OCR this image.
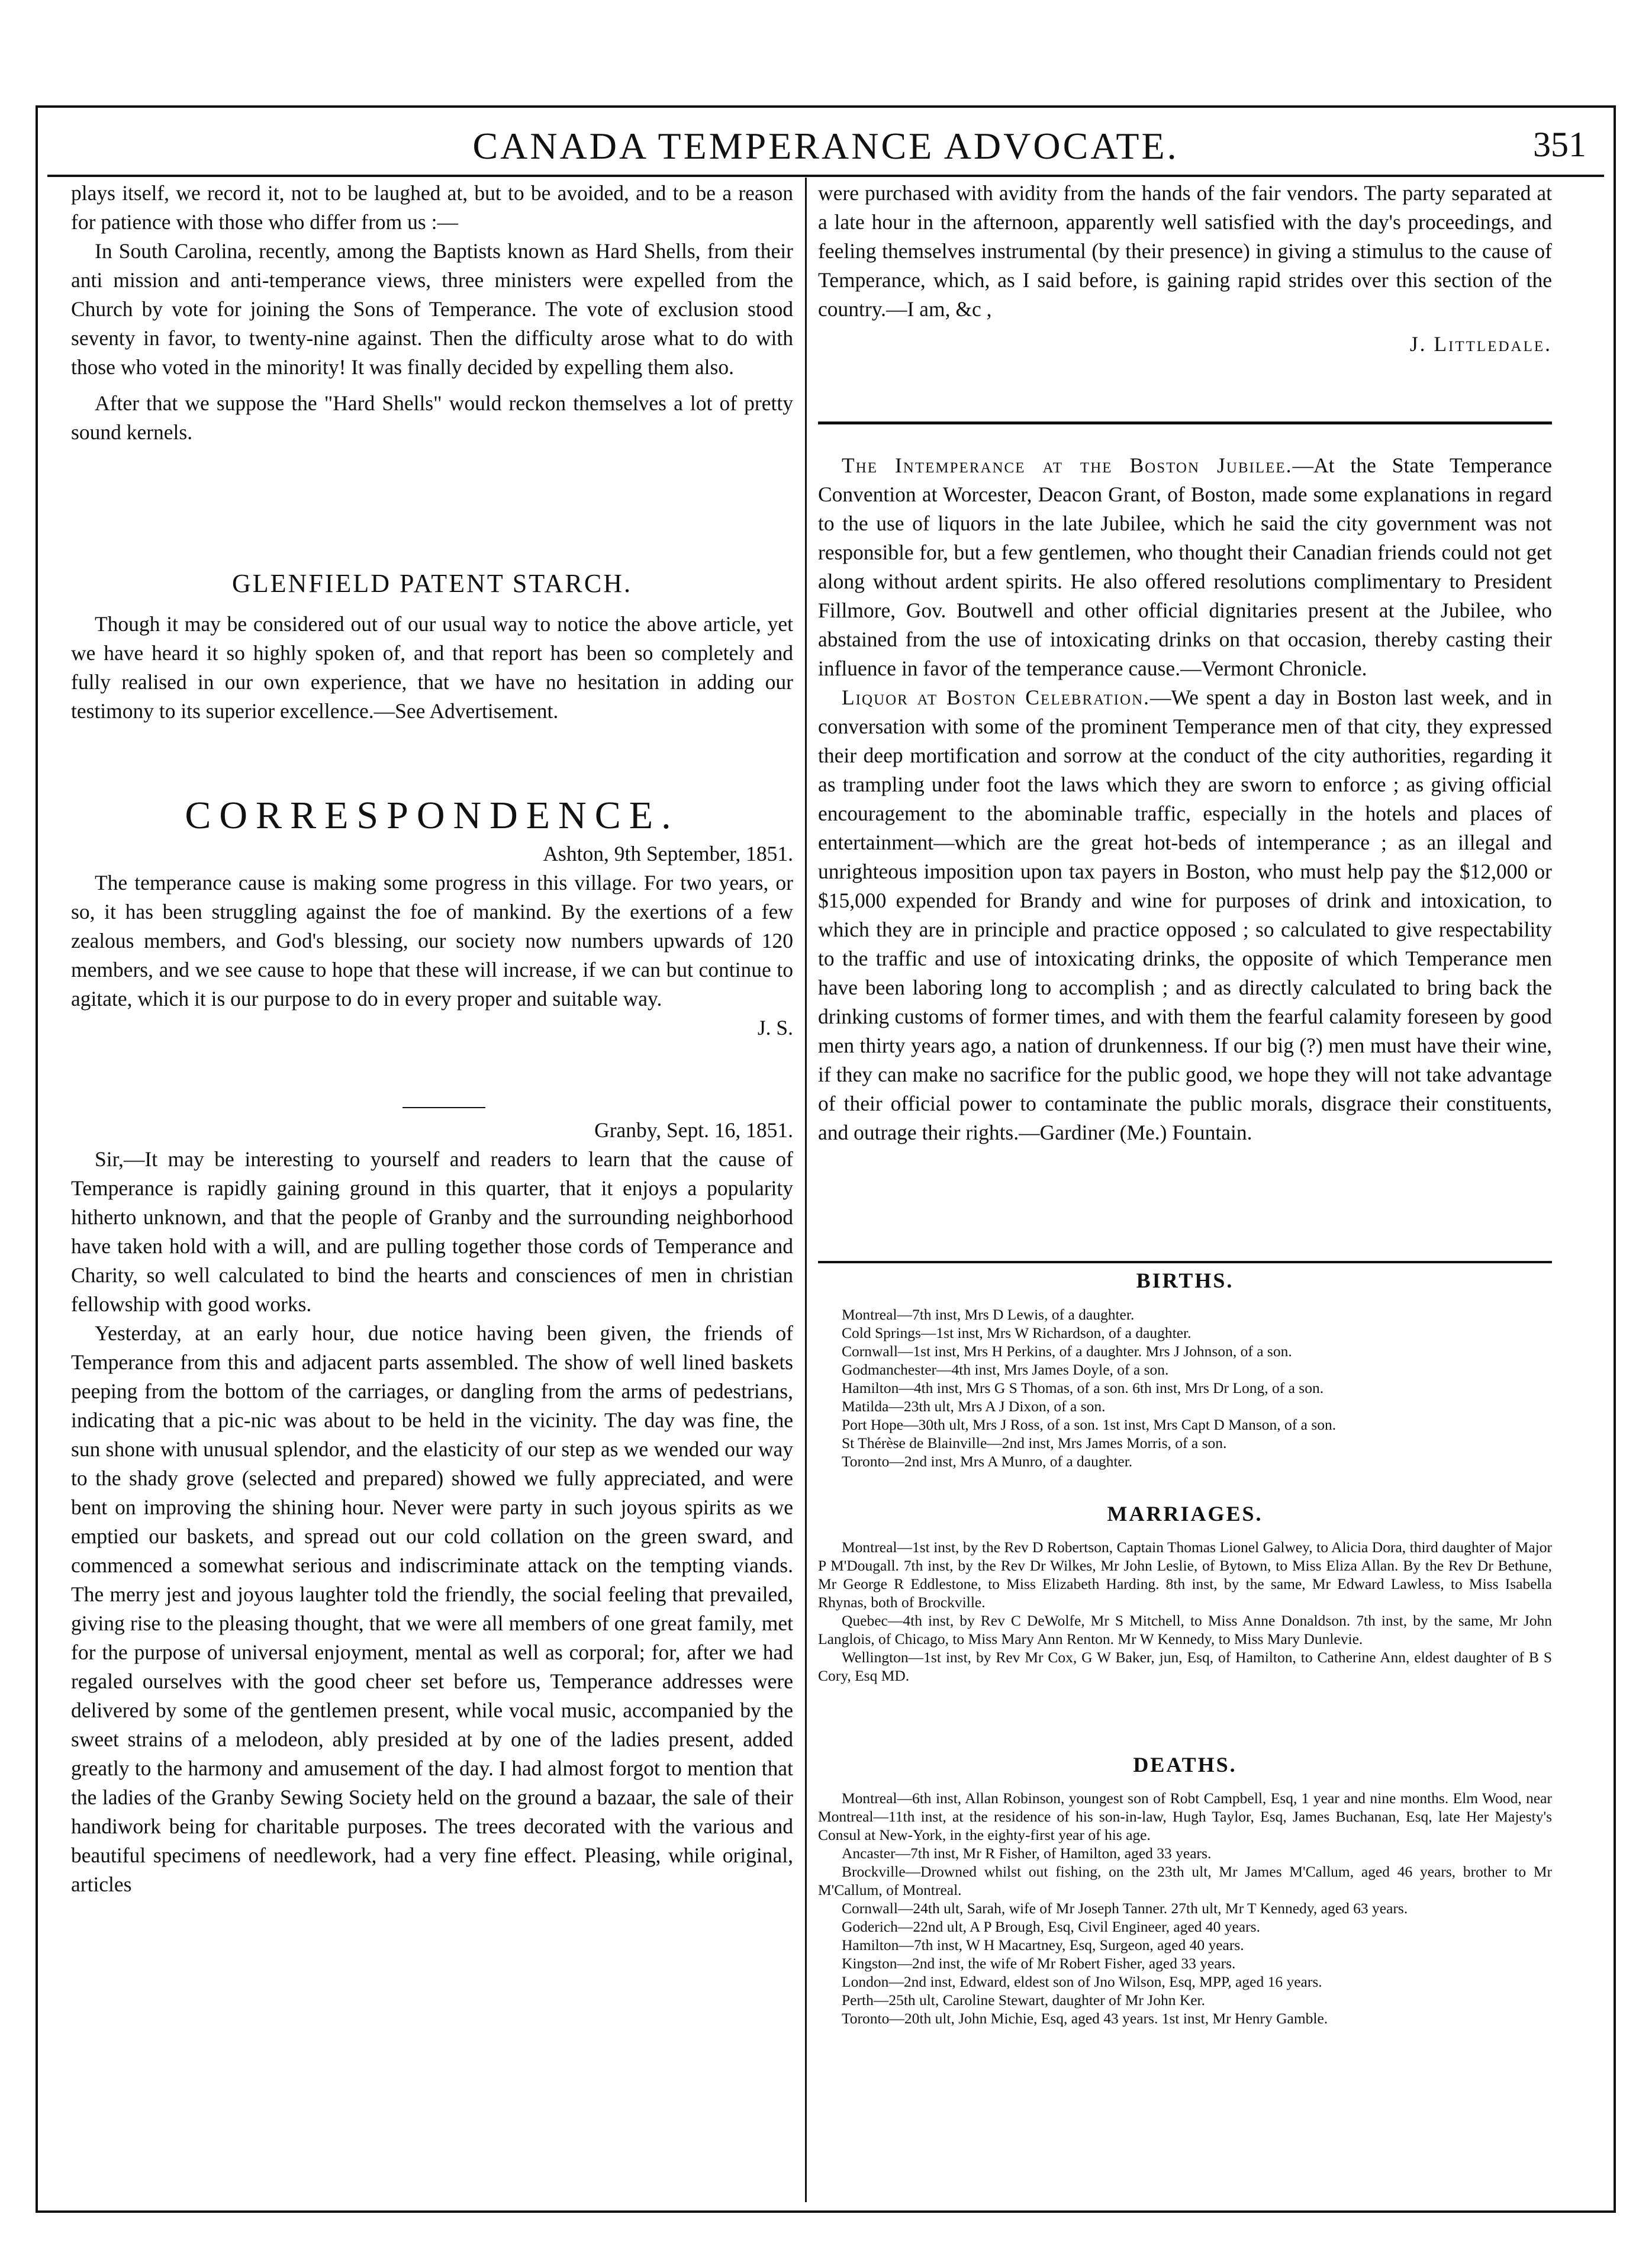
CANADA TEMPERANCE ADVOCATE.	351

plays itself, we record it, not to be laughed at, but to be avoided, and to be a reason for patience with those who differ from us :—

In South Carolina, recently, among the Baptists known as Hard Shells, from their anti mission and anti-temperance views, three ministers were expelled from the Church by vote for joining the Sons of Temperance. The vote of exclusion stood seventy in favor, to twenty-nine against. Then the difficulty arose what to do with those who voted in the minority! It was finally decided by expelling them also.

After that we suppose the "Hard Shells" would reckon themselves a lot of pretty sound kernels.

GLENFIELD PATENT STARCH.

Though it may be considered out of our usual way to notice the above article, yet we have heard it so highly spoken of, and that report has been so completely and fully realised in our own experience, that we have no hesitation in adding our testimony to its superior excellence.—See Advertisement.

CORRESPONDENCE.

Ashton, 9th September, 1851.

The temperance cause is making some progress in this village. For two years, or so, it has been struggling against the foe of mankind. By the exertions of a few zealous members, and God's blessing, our society now numbers upwards of 120 members, and we see cause to hope that these will increase, if we can but continue to agitate, which it is our purpose to do in every proper and suitable way.

J. S.

Granby, Sept. 16, 1851.

Sir,—It may be interesting to yourself and readers to learn that the cause of Temperance is rapidly gaining ground in this quarter, that it enjoys a popularity hitherto unknown, and that the people of Granby and the surrounding neighborhood have taken hold with a will, and are pulling together those cords of Temperance and Charity, so well calculated to bind the hearts and consciences of men in christian fellowship with good works.

Yesterday, at an early hour, due notice having been given, the friends of Temperance from this and adjacent parts assembled. The show of well lined baskets peeping from the bottom of the carriages, or dangling from the arms of pedestrians, indicating that a pic-nic was about to be held in the vicinity. The day was fine, the sun shone with unusual splendor, and the elasticity of our step as we wended our way to the shady grove (selected and prepared) showed we fully appreciated, and were bent on improving the shining hour. Never were party in such joyous spirits as we emptied our baskets, and spread out our cold collation on the green sward, and commenced a somewhat serious and indiscriminate attack on the tempting viands. The merry jest and joyous laughter told the friendly, the social feeling that prevailed, giving rise to the pleasing thought, that we were all members of one great family, met for the purpose of universal enjoyment, mental as well as corporal; for, after we had regaled ourselves with the good cheer set before us, Temperance addresses were delivered by some of the gentlemen present, while vocal music, accompanied by the sweet strains of a melodeon, ably presided at by one of the ladies present, added greatly to the harmony and amusement of the day. I had almost forgot to mention that the ladies of the Granby Sewing Society held on the ground a bazaar, the sale of their handiwork being for charitable purposes. The trees decorated with the various and beautiful specimens of needlework, had a very fine effect. Pleasing, while original, articles

were purchased with avidity from the hands of the fair vendors. The party separated at a late hour in the afternoon, apparently well satisfied with the day's proceedings, and feeling themselves instrumental (by their presence) in giving a stimulus to the cause of Temperance, which, as I said before, is gaining rapid strides over this section of the country.—I am, &c ,

J. Littledale.

The Intemperance at the Boston Jubilee.—At the State Temperance Convention at Worcester, Deacon Grant, of Boston, made some explanations in regard to the use of liquors in the late Jubilee, which he said the city government was not responsible for, but a few gentlemen, who thought their Canadian friends could not get along without ardent spirits. He also offered resolutions complimentary to President Fillmore, Gov. Boutwell and other official dignitaries present at the Jubilee, who abstained from the use of intoxicating drinks on that occasion, thereby casting their influence in favor of the temperance cause.—Vermont Chronicle.

Liquor at Boston Celebration.—We spent a day in Boston last week, and in conversation with some of the prominent Temperance men of that city, they expressed their deep mortification and sorrow at the conduct of the city authorities, regarding it as trampling under foot the laws which they are sworn to enforce ; as giving official encouragement to the abominable traffic, especially in the hotels and places of entertainment—which are the great hot-beds of intemperance ; as an illegal and unrighteous imposition upon tax payers in Boston, who must help pay the $12,000 or $15,000 expended for Brandy and wine for purposes of drink and intoxication, to which they are in principle and practice opposed ; so calculated to give respectability to the traffic and use of intoxicating drinks, the opposite of which Temperance men have been laboring long to accomplish ; and as directly calculated to bring back the drinking customs of former times, and with them the fearful calamity foreseen by good men thirty years ago, a nation of drunkenness. If our big (?) men must have their wine, if they can make no sacrifice for the public good, we hope they will not take advantage of their official power to contaminate the public morals, disgrace their constituents, and outrage their rights.—Gardiner (Me.) Fountain.

BIRTHS.

Montreal—7th inst, Mrs D Lewis, of a daughter.

Cold Springs—1st inst, Mrs W Richardson, of a daughter.

Cornwall—1st inst, Mrs H Perkins, of a daughter. Mrs J Johnson, of a son.

Godmanchester—4th inst, Mrs James Doyle, of a son.

Hamilton—4th inst, Mrs G S Thomas, of a son. 6th inst, Mrs Dr Long, of a son.

Matilda—23th ult, Mrs A J Dixon, of a son.

Port Hope—30th ult, Mrs J Ross, of a son. 1st inst, Mrs Capt D Manson, of a son.

St Thérèse de Blainville—2nd inst, Mrs James Morris, of a son.

Toronto—2nd inst, Mrs A Munro, of a daughter.

MARRIAGES.

Montreal—1st inst, by the Rev D Robertson, Captain Thomas Lionel Galwey, to Alicia Dora, third daughter of Major P M'Dougall. 7th inst, by the Rev Dr Wilkes, Mr John Leslie, of Bytown, to Miss Eliza Allan. By the Rev Dr Bethune, Mr George R Eddlestone, to Miss Elizabeth Harding. 8th inst, by the same, Mr Edward Lawless, to Miss Isabella Rhynas, both of Brockville.

Quebec—4th inst, by Rev C DeWolfe, Mr S Mitchell, to Miss Anne Donaldson. 7th inst, by the same, Mr John Langlois, of Chicago, to Miss Mary Ann Renton. Mr W Kennedy, to Miss Mary Dunlevie.

Wellington—1st inst, by Rev Mr Cox, G W Baker, jun, Esq, of Hamilton, to Catherine Ann, eldest daughter of B S Cory, Esq MD.

DEATHS.

Montreal—6th inst, Allan Robinson, youngest son of Robt Campbell, Esq, 1 year and nine months. Elm Wood, near Montreal—11th inst, at the residence of his son-in-law, Hugh Taylor, Esq, James Buchanan, Esq, late Her Majesty's Consul at New-York, in the eighty-first year of his age.

Ancaster—7th inst, Mr R Fisher, of Hamilton, aged 33 years.

Brockville—Drowned whilst out fishing, on the 23th ult, Mr James M'Callum, aged 46 years, brother to Mr M'Callum, of Montreal.

Cornwall—24th ult, Sarah, wife of Mr Joseph Tanner. 27th ult, Mr T Kennedy, aged 63 years.

Goderich—22nd ult, A P Brough, Esq, Civil Engineer, aged 40 years.

Hamilton—7th inst, W H Macartney, Esq, Surgeon, aged 40 years.

Kingston—2nd inst, the wife of Mr Robert Fisher, aged 33 years.

London—2nd inst, Edward, eldest son of Jno Wilson, Esq, MPP, aged 16 years.

Perth—25th ult, Caroline Stewart, daughter of Mr John Ker.

Toronto—20th ult, John Michie, Esq, aged 43 years. 1st inst, Mr Henry Gamble.
